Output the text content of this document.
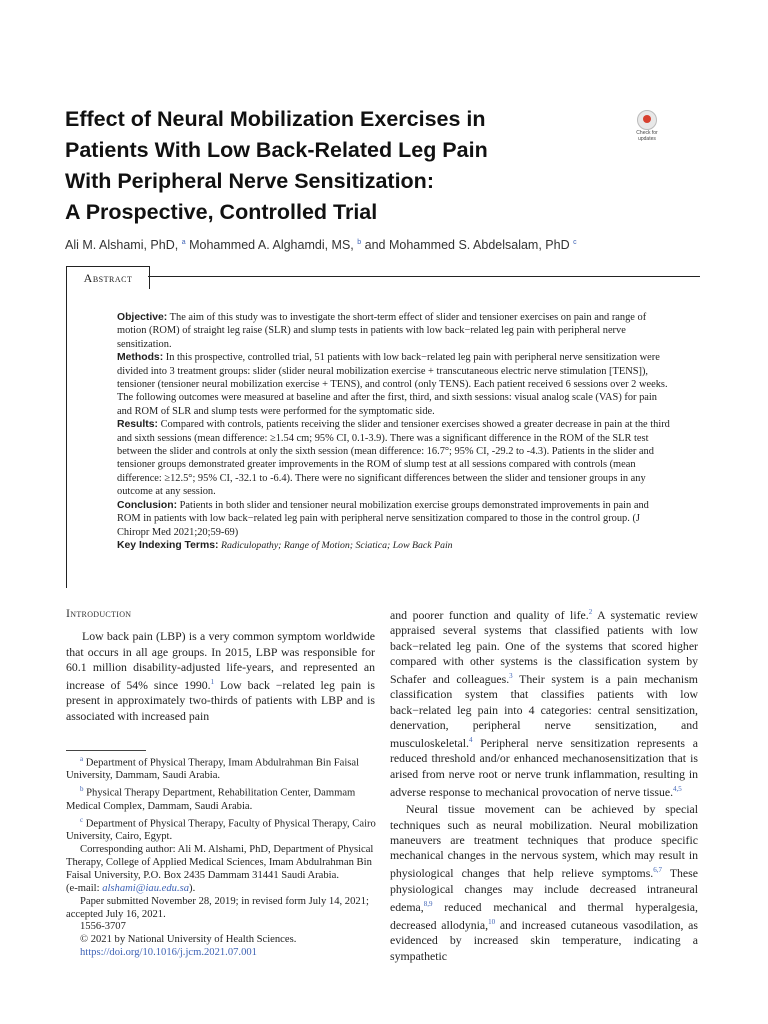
Effect of Neural Mobilization Exercises in
Patients With Low Back-Related Leg Pain
With Peripheral Nerve Sensitization:
A Prospective, Controlled Trial
Check for
updates
Ali M. Alshami, PhD, $^a$ Mohammed A. Alghamdi, MS, $^b$ and Mohammed S. Abdelsalam, PhD $^c$
Abstract

Objective: The aim of this study was to investigate the short-term effect of slider and tensioner exercises on pain and range of motion (ROM) of straight leg raise (SLR) and slump tests in patients with low back−related leg pain with peripheral nerve sensitization.

Methods: In this prospective, controlled trial, 51 patients with low back−related leg pain with peripheral nerve sensitization were divided into 3 treatment groups: slider (slider neural mobilization exercise + transcutaneous electric nerve stimulation [TENS]), tensioner (tensioner neural mobilization exercise + TENS), and control (only TENS). Each patient received 6 sessions over 2 weeks. The following outcomes were measured at baseline and after the first, third, and sixth sessions: visual analog scale (VAS) for pain and ROM of SLR and slump tests were performed for the symptomatic side.

Results: Compared with controls, patients receiving the slider and tensioner exercises showed a greater decrease in pain at the third and sixth sessions (mean difference: ≥1.54 cm; 95% CI, 0.1-3.9). There was a significant difference in the ROM of the SLR test between the slider and controls at only the sixth session (mean difference: 16.7°; 95% CI, -29.2 to -4.3). Patients in the slider and tensioner groups demonstrated greater improvements in the ROM of slump test at all sessions compared with controls (mean difference: ≥12.5°; 95% CI, -32.1 to -6.4). There were no significant differences between the slider and tensioner groups in any outcome at any session.

Conclusion: Patients in both slider and tensioner neural mobilization exercise groups demonstrated improvements in pain and ROM in patients with low back−related leg pain with peripheral nerve sensitization compared to those in the control group. (J Chiropr Med 2021;20;59-69)

Key Indexing Terms: Radiculopathy; Range of Motion; Sciatica; Low Back Pain

Introduction

Low back pain (LBP) is a very common symptom worldwide that occurs in all age groups. In 2015, LBP was responsible for 60.1 million disability-adjusted life-years, and represented an increase of 54% since 1990.$^1$ Low back −related leg pain is present in approximately two-thirds of patients with LBP and is associated with increased pain

and poorer function and quality of life.$^2$ A systematic review appraised several systems that classified patients with low back−related leg pain. One of the systems that scored higher compared with other systems is the classification system by Schafer and colleagues.$^3$ Their system is a pain mechanism classification system that classifies patients with low back−related leg pain into 4 categories: central sensitization, denervation, peripheral nerve sensitization, and musculoskeletal.$^4$ Peripheral nerve sensitization represents a reduced threshold and/or enhanced mechanosensitization that is arised from nerve root or nerve trunk inflammation, resulting in adverse response to mechanical provocation of nerve tissue.$^{4,5}$

Neural tissue movement can be achieved by special techniques such as neural mobilization. Neural mobilization maneuvers are treatment techniques that produce specific mechanical changes in the nervous system, which may result in physiological changes that help relieve symptoms.$^{6,7}$ These physiological changes may include decreased intraneural edema,$^{8,9}$ reduced mechanical and thermal hyperalgesia, decreased allodynia,$^{10}$ and increased cutaneous vasodilation, as evidenced by increased skin temperature, indicating a sympathetic

$^a$ Department of Physical Therapy, Imam Abdulrahman Bin Faisal University, Dammam, Saudi Arabia.

$^b$ Physical Therapy Department, Rehabilitation Center, Dammam Medical Complex, Dammam, Saudi Arabia.

$^c$ Department of Physical Therapy, Faculty of Physical Therapy, Cairo University, Cairo, Egypt.

Corresponding author: Ali M. Alshami, PhD, Department of Physical Therapy, College of Applied Medical Sciences, Imam Abdulrahman Bin Faisal University, P.O. Box 2435 Dammam 31441 Saudi Arabia.

(e-mail: alshami@iau.edu.sa).

Paper submitted November 28, 2019; in revised form July 14, 2021; accepted July 16, 2021.

1556-3707

© 2021 by National University of Health Sciences.

https://doi.org/10.1016/j.jcm.2021.07.001
